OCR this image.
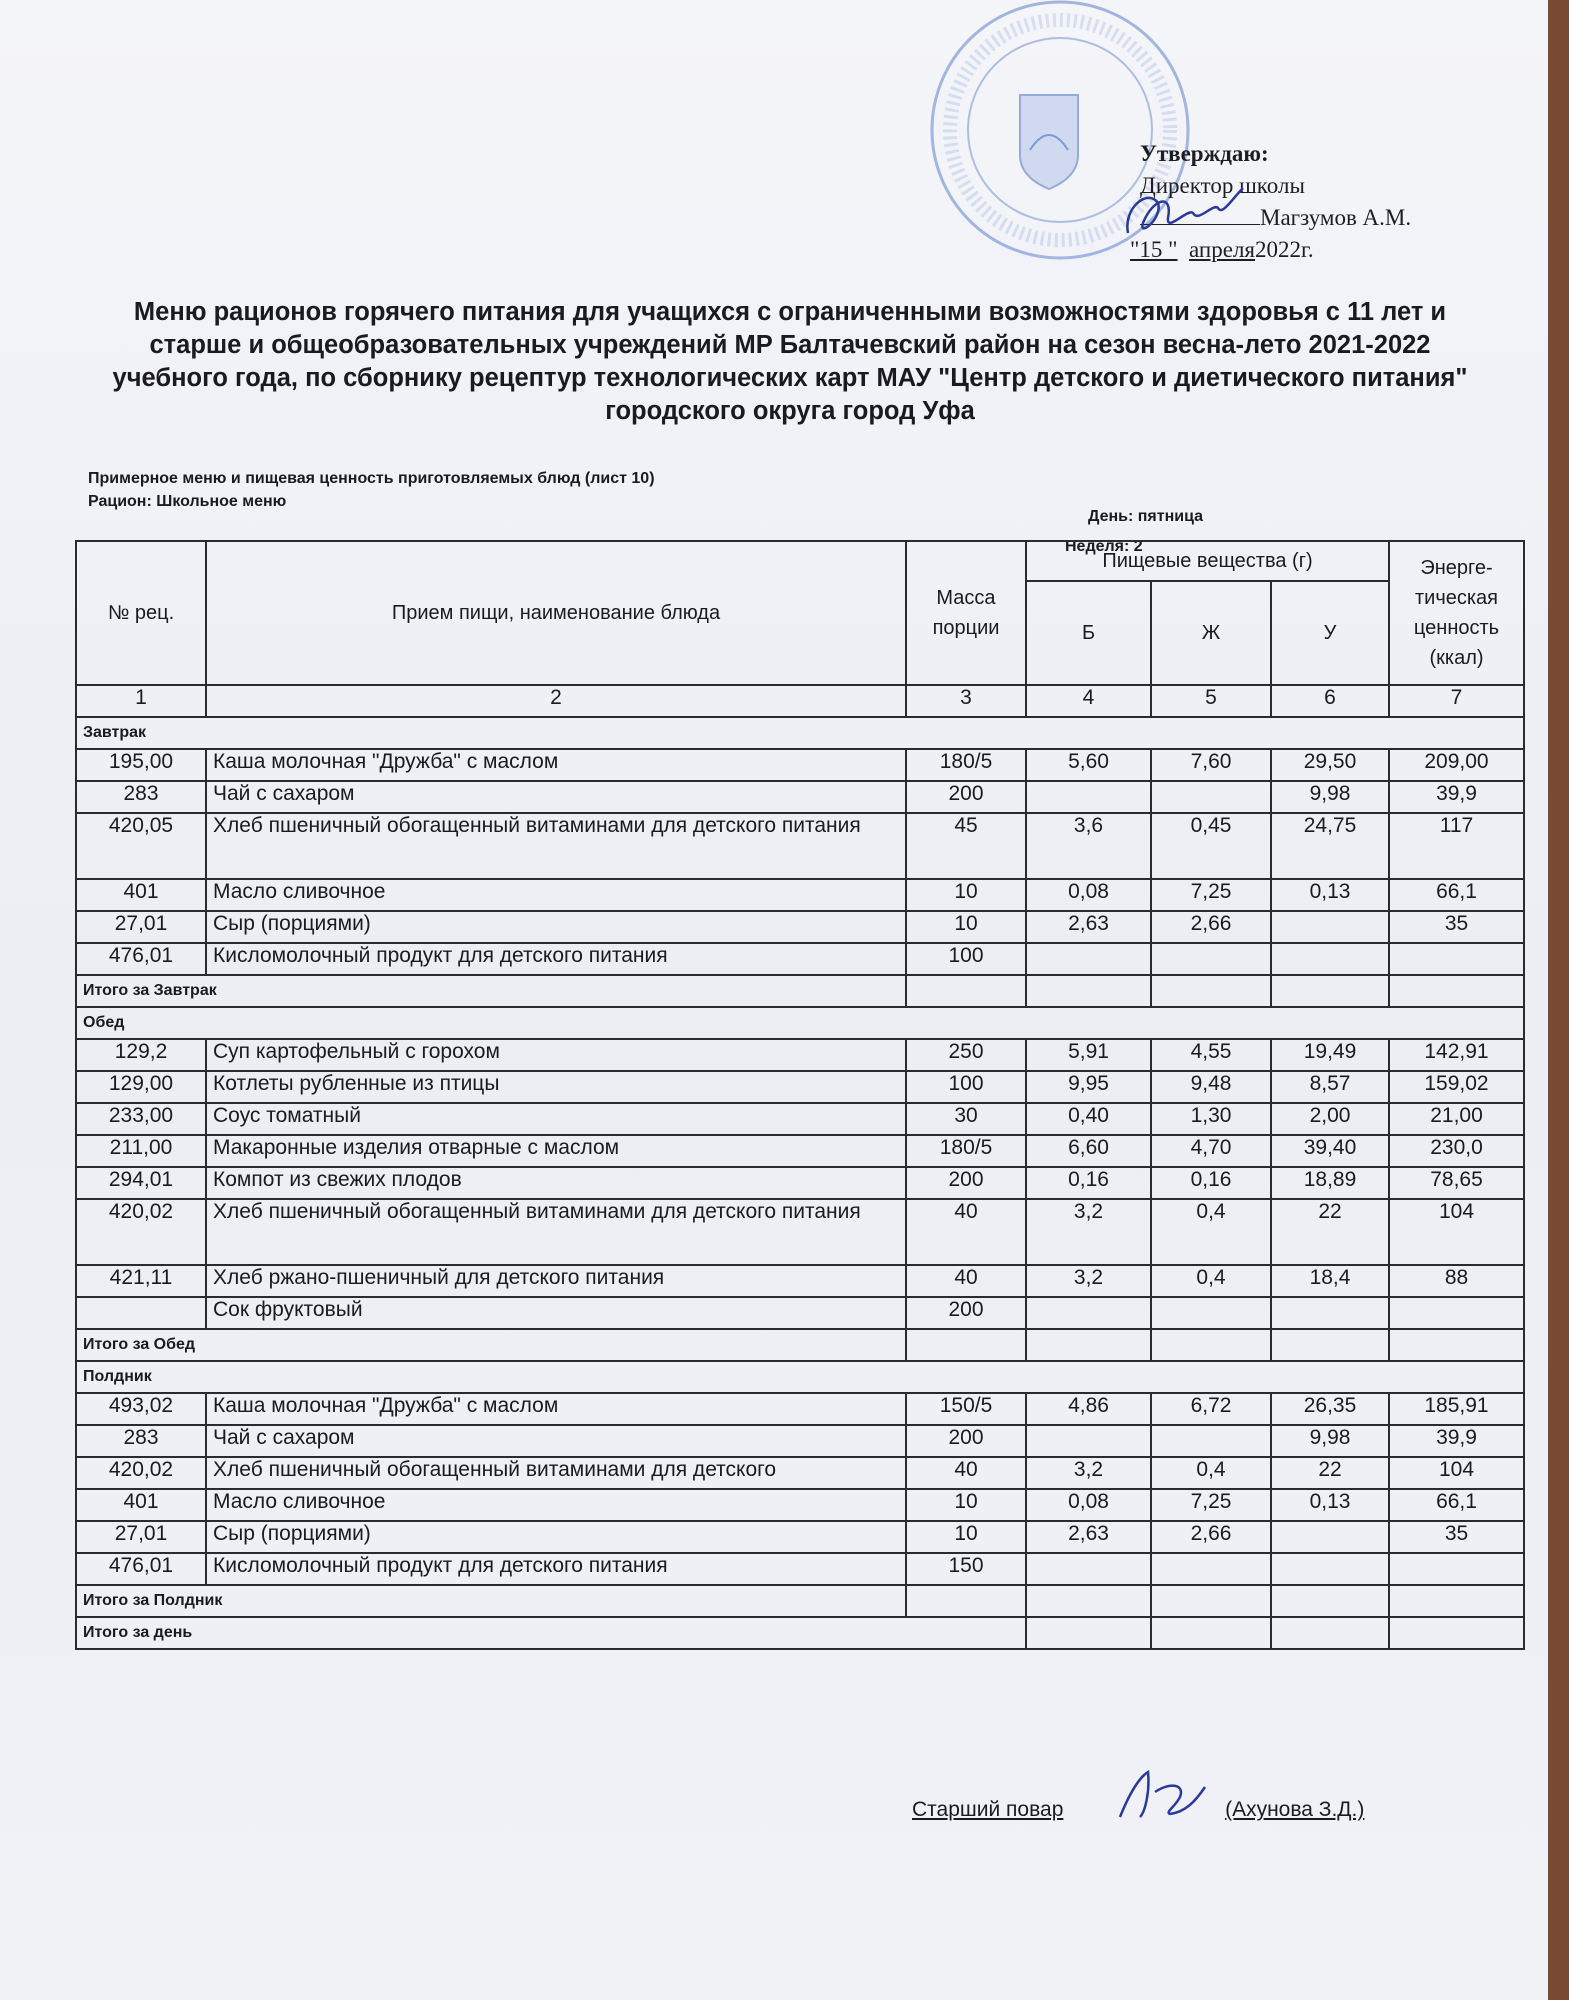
Утверждаю:
Директор школы
Магзумов А.М.
"15 " апреля2022г.
Меню рационов горячего питания для учащихся с ограниченными возможностями здоровья с 11 лет и старше и общеобразовательных учреждений МР Балтачевский район на сезон весна-лето 2021-2022 учебного года, по сборнику рецептур технологических карт МАУ "Центр детского и диетического питания" городского округа город Уфа
Примерное меню и пищевая ценность приготовляемых блюд (лист 10)
Рацион: Школьное меню
День: пятница
Неделя: 2
№ рец.	Прием пищи, наименование блюда	Масса порции	Пищевые вещества (г)			Энерге-тическая ценность (ккал)
			Б	Ж	У	
1	2	3	4	5	6	7
Завтрак						
195,00	Каша молочная "Дружба" с маслом	180/5	5,60	7,60	29,50	209,00
283	Чай с сахаром	200			9,98	39,9
420,05	Хлеб пшеничный обогащенный витаминами для детского питания	45	3,6	0,45	24,75	117
401	Масло сливочное	10	0,08	7,25	0,13	66,1
27,01	Сыр (порциями)	10	2,63	2,66		35
476,01	Кисломолочный продукт для детского питания	100				
Итого за Завтрак						
Обед						
129,2	Суп картофельный с горохом	250	5,91	4,55	19,49	142,91
129,00	Котлеты рубленные из птицы	100	9,95	9,48	8,57	159,02
233,00	Соус томатный	30	0,40	1,30	2,00	21,00
211,00	Макаронные изделия отварные с маслом	180/5	6,60	4,70	39,40	230,0
294,01	Компот из свежих плодов	200	0,16	0,16	18,89	78,65
420,02	Хлеб пшеничный обогащенный витаминами для детского питания	40	3,2	0,4	22	104
421,11	Хлеб ржано-пшеничный для детского питания	40	3,2	0,4	18,4	88
	Сок фруктовый	200				
Итого за Обед						
Полдник						
493,02	Каша молочная "Дружба" с маслом	150/5	4,86	6,72	26,35	185,91
283	Чай с сахаром	200			9,98	39,9
420,02	Хлеб пшеничный обогащенный витаминами для детского	40	3,2	0,4	22	104
401	Масло сливочное	10	0,08	7,25	0,13	66,1
27,01	Сыр (порциями)	10	2,63	2,66		35
476,01	Кисломолочный продукт для детского питания	150				
Итого за Полдник						
Итого за день						
Старший повар	(Ахунова З.Д.)
